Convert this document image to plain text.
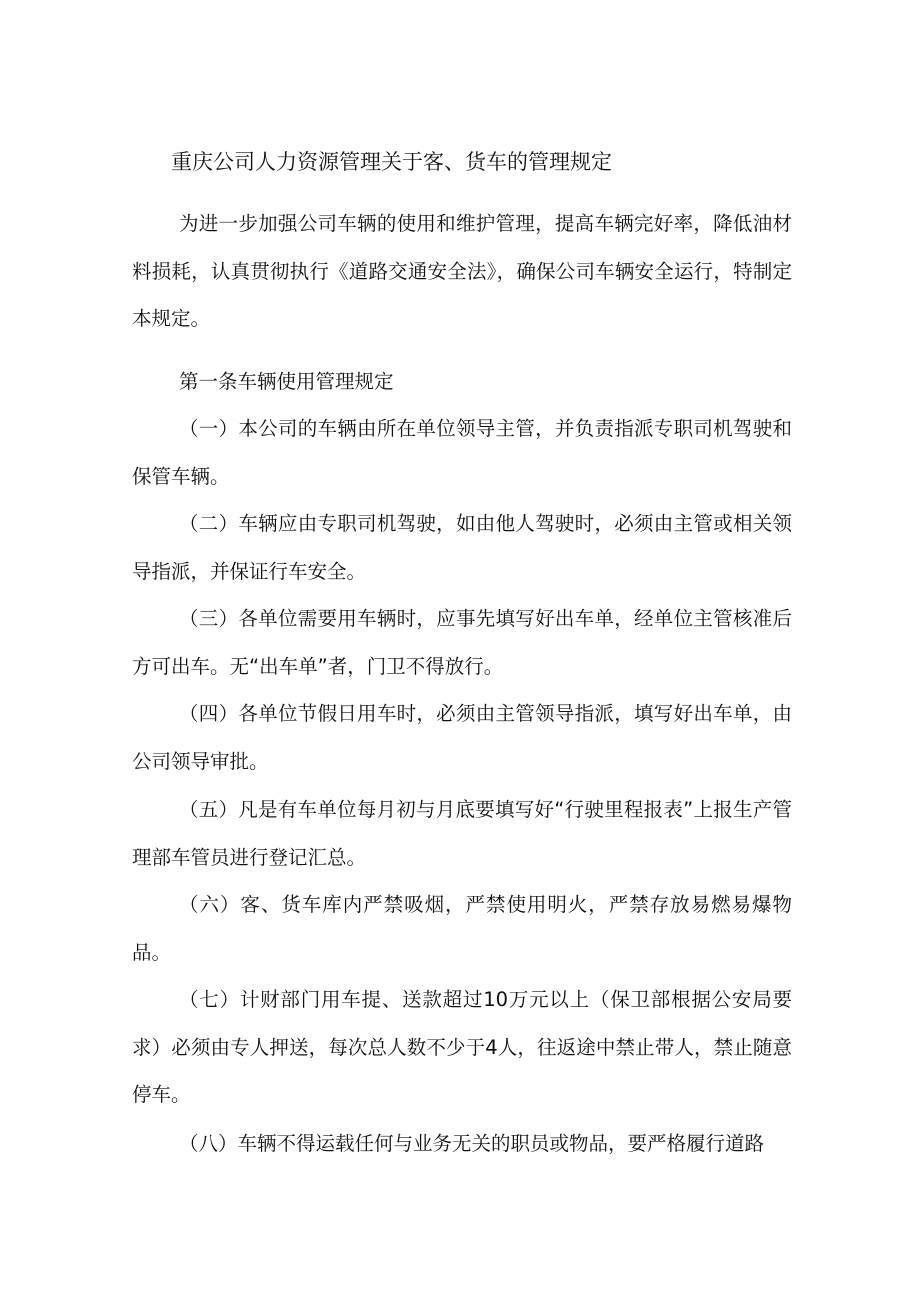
重庆公司人力资源管理关于客、货车的管理规定

为进一步加强公司车辆的使用和维护管理，提高车辆完好率，降低油材料损耗，认真贯彻执行《道路交通安全法》，确保公司车辆安全运行，特制定本规定。

第一条车辆使用管理规定

（一）本公司的车辆由所在单位领导主管，并负责指派专职司机驾驶和保管车辆。

（二）车辆应由专职司机驾驶，如由他人驾驶时，必须由主管或相关领导指派，并保证行车安全。

（三）各单位需要用车辆时，应事先填写好出车单，经单位主管核准后方可出车。无“出车单”者，门卫不得放行。

（四）各单位节假日用车时，必须由主管领导指派，填写好出车单，由公司领导审批。

（五）凡是有车单位每月初与月底要填写好“行驶里程报表”上报生产管理部车管员进行登记汇总。

（六）客、货车库内严禁吸烟，严禁使用明火，严禁存放易燃易爆物品。

（七）计财部门用车提、送款超过10万元以上（保卫部根据公安局要求）必须由专人押送，每次总人数不少于4人，往返途中禁止带人，禁止随意停车。

（八）车辆不得运载任何与业务无关的职员或物品，要严格履行道路
